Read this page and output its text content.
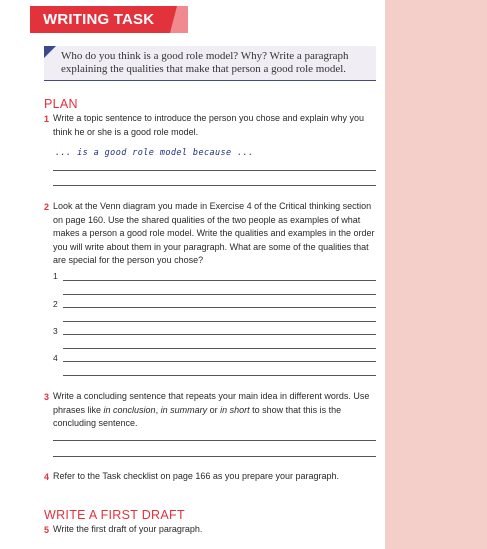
WRITING TASK
Who do you think is a good role model? Why? Write a paragraph explaining the qualities that make that person a good role model.
PLAN
1 Write a topic sentence to introduce the person you chose and explain why you think he or she is a good role model.
... is a good role model because ...
2 Look at the Venn diagram you made in Exercise 4 of the Critical thinking section on page 160. Use the shared qualities of the two people as examples of what makes a person a good role model. Write the qualities and examples in the order you will write about them in your paragraph. What are some of the qualities that are special for the person you chose?
1
2
3
4
3 Write a concluding sentence that repeats your main idea in different words. Use phrases like in conclusion, in summary or in short to show that this is the concluding sentence.
4 Refer to the Task checklist on page 166 as you prepare your paragraph.
WRITE A FIRST DRAFT
5 Write the first draft of your paragraph.
